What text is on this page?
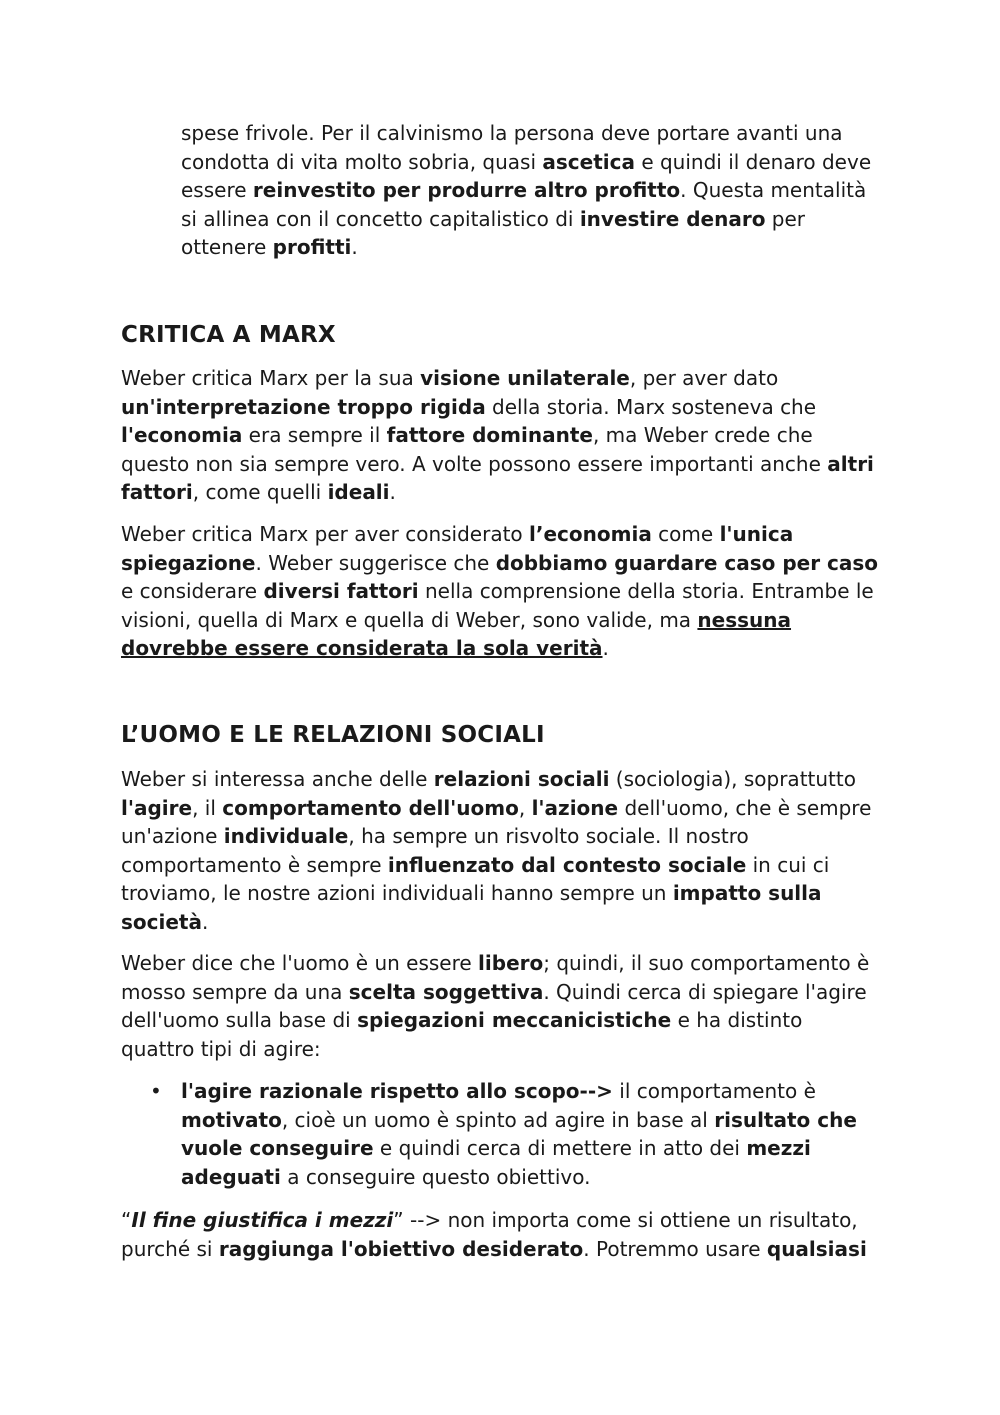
spese frivole. Per il calvinismo la persona deve portare avanti una condotta di vita molto sobria, quasi ascetica e quindi il denaro deve essere reinvestito per produrre altro profitto. Questa mentalità si allinea con il concetto capitalistico di investire denaro per ottenere profitti.

CRITICA A MARX

Weber critica Marx per la sua visione unilaterale, per aver dato un'interpretazione troppo rigida della storia. Marx sosteneva che l'economia era sempre il fattore dominante, ma Weber crede che questo non sia sempre vero. A volte possono essere importanti anche altri fattori, come quelli ideali.

Weber critica Marx per aver considerato l’economia come l'unica spiegazione. Weber suggerisce che dobbiamo guardare caso per caso e considerare diversi fattori nella comprensione della storia. Entrambe le visioni, quella di Marx e quella di Weber, sono valide, ma nessuna dovrebbe essere considerata la sola verità.

L’UOMO E LE RELAZIONI SOCIALI

Weber si interessa anche delle relazioni sociali (sociologia), soprattutto l'agire, il comportamento dell'uomo, l'azione dell'uomo, che è sempre un'azione individuale, ha sempre un risvolto sociale. Il nostro comportamento è sempre influenzato dal contesto sociale in cui ci troviamo, le nostre azioni individuali hanno sempre un impatto sulla società.

Weber dice che l'uomo è un essere libero; quindi, il suo comportamento è mosso sempre da una scelta soggettiva. Quindi cerca di spiegare l'agire dell'uomo sulla base di spiegazioni meccanicistiche e ha distinto quattro tipi di agire:

• l'agire razionale rispetto allo scopo--> il comportamento è motivato, cioè un uomo è spinto ad agire in base al risultato che vuole conseguire e quindi cerca di mettere in atto dei mezzi adeguati a conseguire questo obiettivo.

“Il fine giustifica i mezzi” --> non importa come si ottiene un risultato, purché si raggiunga l'obiettivo desiderato. Potremmo usare qualsiasi
